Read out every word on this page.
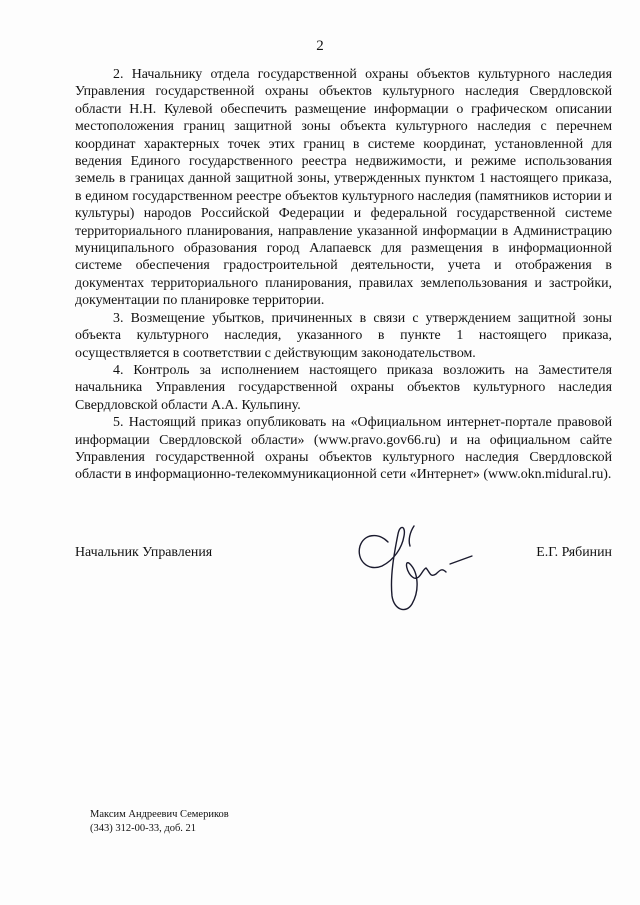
2

2. Начальнику отдела государственной охраны объектов культурного наследия Управления государственной охраны объектов культурного наследия Свердловской области Н.Н. Кулевой обеспечить размещение информации о графическом описании местоположения границ защитной зоны объекта культурного наследия с перечнем координат характерных точек этих границ в системе координат, установленной для ведения Единого государственного реестра недвижимости, и режиме использования земель в границах данной защитной зоны, утвержденных пунктом 1 настоящего приказа, в едином государственном реестре объектов культурного наследия (памятников истории и культуры) народов Российской Федерации и федеральной государственной системе территориального планирования, направление указанной информации в Администрацию муниципального образования город Алапаевск для размещения в информационной системе обеспечения градостроительной деятельности, учета и отображения в документах территориального планирования, правилах землепользования и застройки, документации по планировке территории.

3. Возмещение убытков, причиненных в связи с утверждением защитной зоны объекта культурного наследия, указанного в пункте 1 настоящего приказа, осуществляется в соответствии с действующим законодательством.

4. Контроль за исполнением настоящего приказа возложить на Заместителя начальника Управления государственной охраны объектов культурного наследия Свердловской области А.А. Кульпину.

5. Настоящий приказ опубликовать на «Официальном интернет-портале правовой информации Свердловской области» (www.pravo.gov66.ru) и на официальном сайте Управления государственной охраны объектов культурного наследия Свердловской области в информационно-телекоммуникационной сети «Интернет» (www.okn.midural.ru).

Начальник Управления	Е.Г. Рябинин
Максим Андреевич Семериков
(343) 312-00-33, доб. 21
